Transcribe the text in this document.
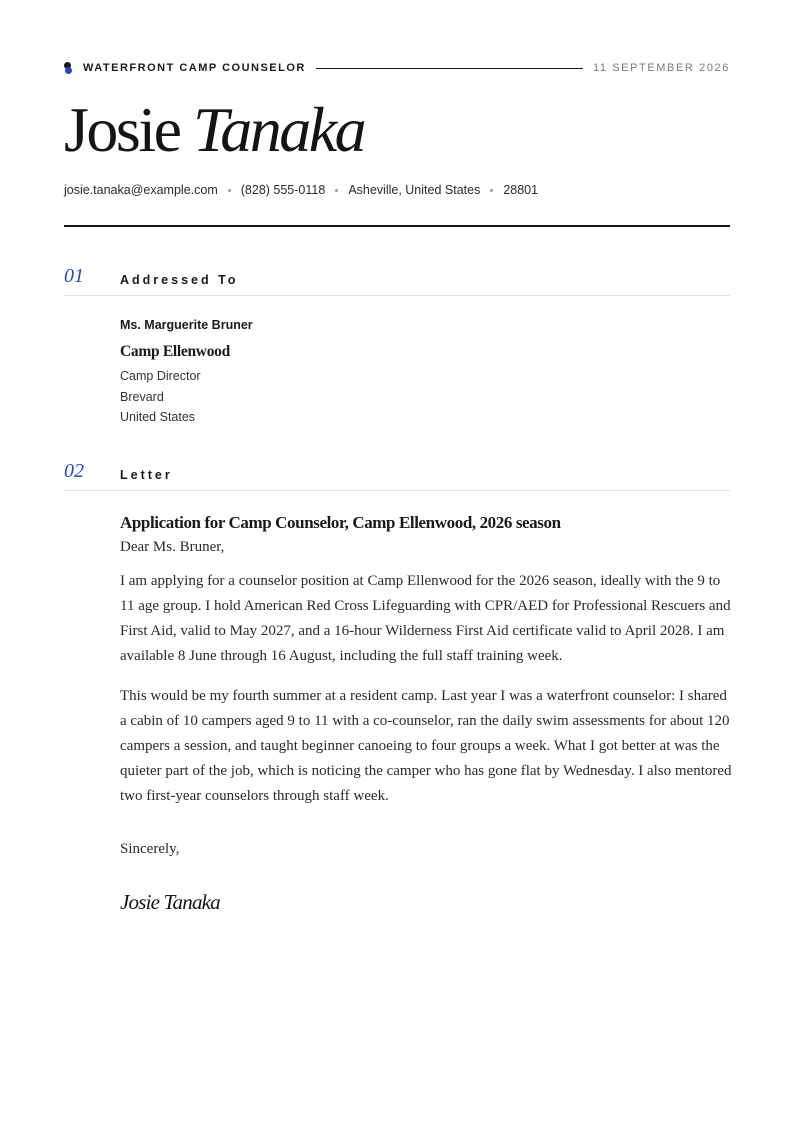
WATERFRONT CAMP COUNSELOR	11 SEPTEMBER 2026
Josie Tanaka
josie.tanaka@example.com (828) 555-0118 Asheville, United States 28801
01	Addressed To
Ms. Marguerite Bruner
Camp Ellenwood
Camp Director
Brevard
United States
02	Letter
Application for Camp Counselor, Camp Ellenwood, 2026 season
Dear Ms. Bruner,

I am applying for a counselor position at Camp Ellenwood for the 2026 season, ideally with the 9 to 11 age group. I hold American Red Cross Lifeguarding with CPR/AED for Professional Rescuers and First Aid, valid to May 2027, and a 16-hour Wilderness First Aid certificate valid to April 2028. I am available 8 June through 16 August, including the full staff training week.

This would be my fourth summer at a resident camp. Last year I was a waterfront counselor: I shared a cabin of 10 campers aged 9 to 11 with a co-counselor, ran the daily swim assessments for about 120 campers a session, and taught beginner canoeing to four groups a week. What I got better at was the quieter part of the job, which is noticing the camper who has gone flat by Wednesday. I also mentored two first-year counselors through staff week.

Sincerely,
Josie Tanaka
